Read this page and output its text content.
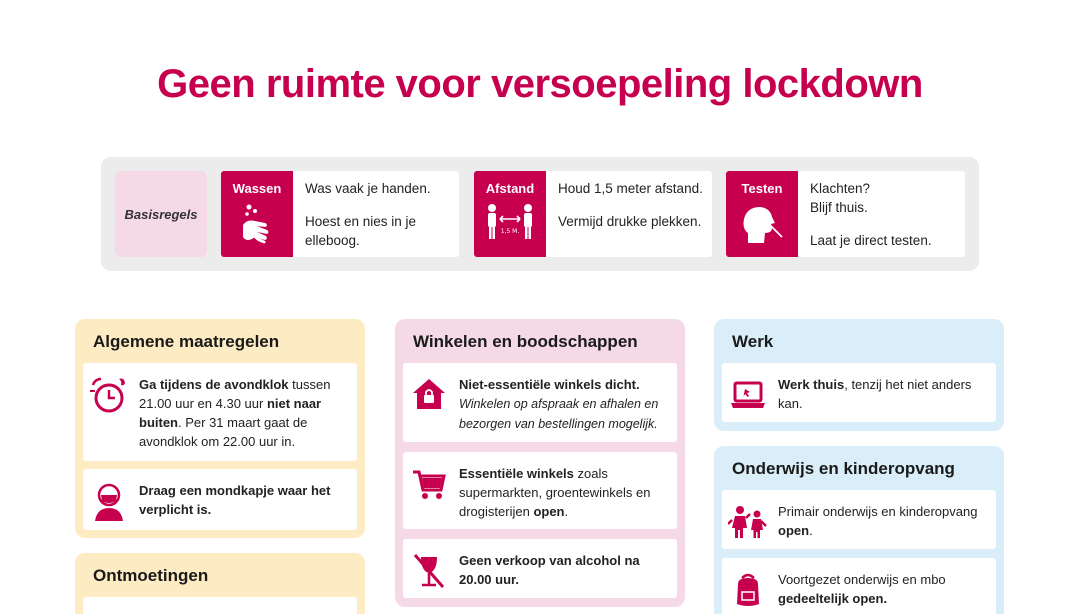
Geen ruimte voor versoepeling lockdown
Basisregels
Wassen	Was vaak je handen.

Hoest en nies in je elleboog.

Afstand
1,5 M.

Houd 1,5 meter afstand.

Vermijd drukke plekken.

Testen	Klachten? Blijf thuis.

Laat je direct testen.

Algemene maatregelen
Ga tijdens de avondklok tussen 21.00 uur en 4.30 uur niet naar buiten. Per 31 maart gaat de avondklok om 22.00 uur in.
Draag een mondkapje waar het verplicht is.
Ontmoetingen
Winkelen en boodschappen
Niet-essentiële winkels dicht.
Winkelen op afspraak en afhalen en bezorgen van bestellingen mogelijk.
Essentiële winkels zoals supermarkten, groentewinkels en drogisterijen open.
Geen verkoop van alcohol na 20.00 uur.
Werk
Werk thuis, tenzij het niet anders kan.
Onderwijs en kinderopvang
Primair onderwijs en kinderopvang open.
Voortgezet onderwijs en mbo gedeeltelijk open.
